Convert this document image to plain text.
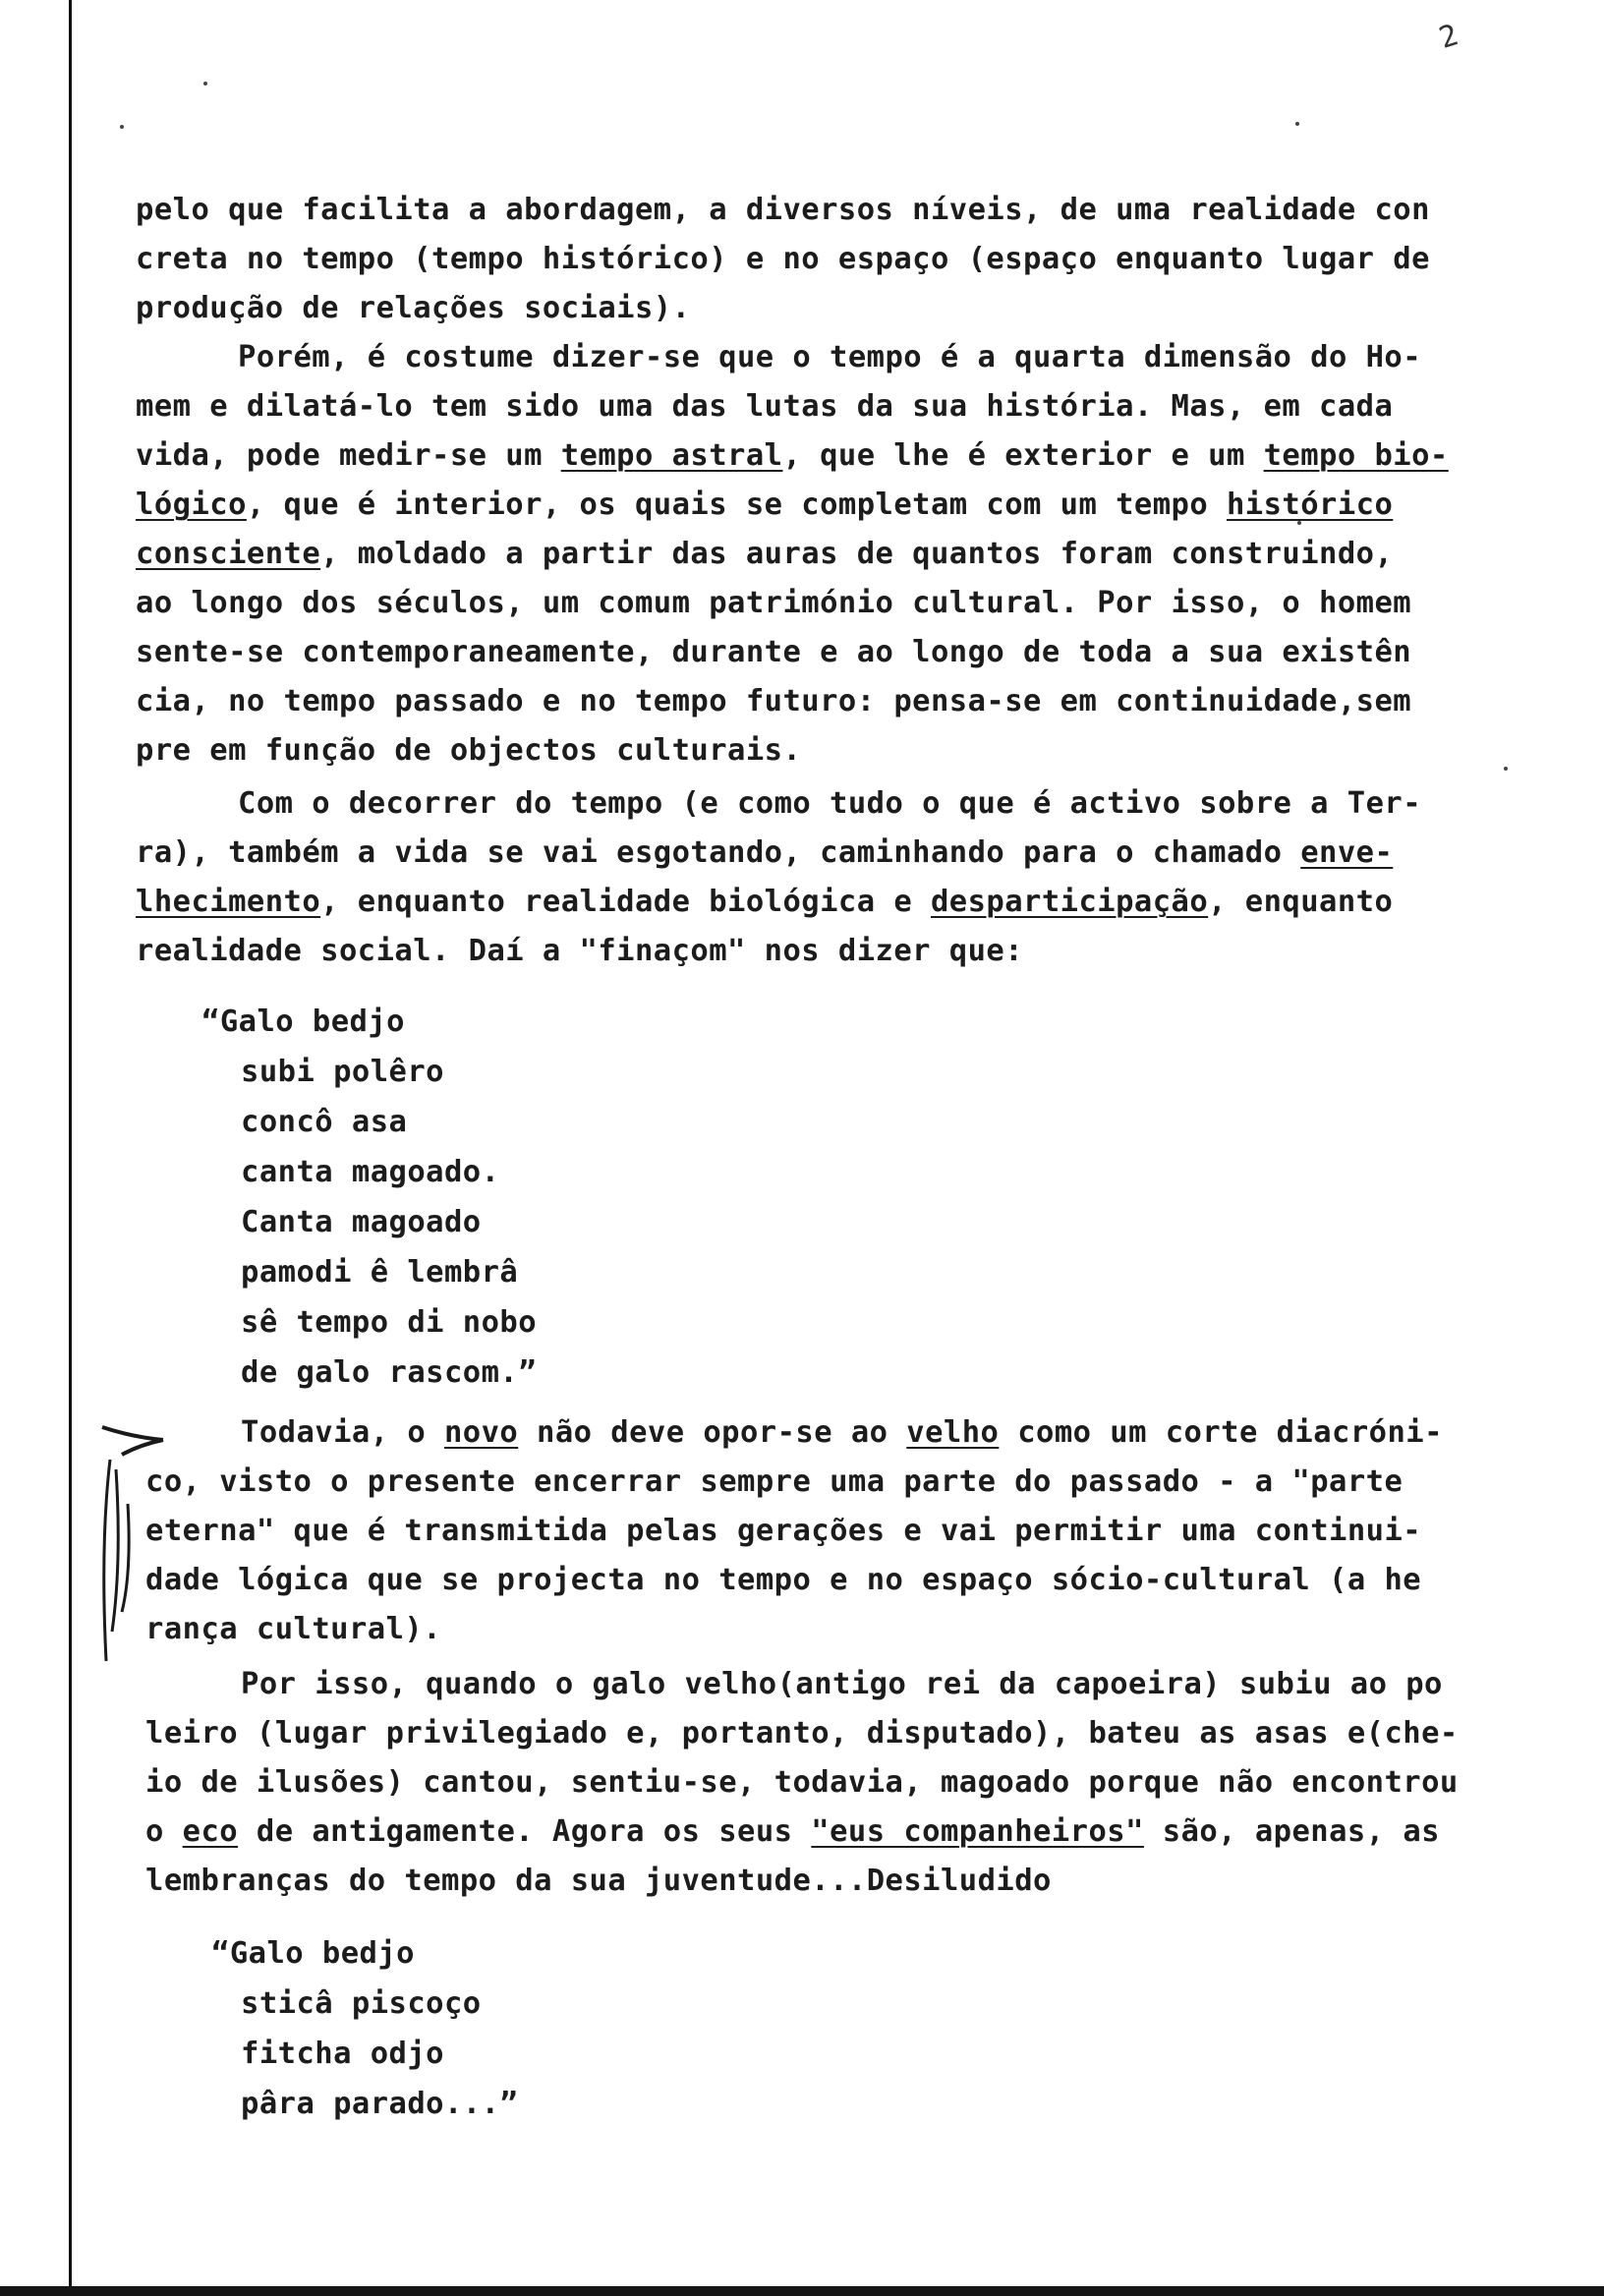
2

pelo que facilita a abordagem, a diversos níveis, de uma realidade con

creta no tempo (tempo histórico) e no espaço (espaço enquanto lugar de

produção de relações sociais).

Porém, é costume dizer-se que o tempo é a quarta dimensão do Ho-

mem e dilatá-lo tem sido uma das lutas da sua história. Mas, em cada

vida, pode medir-se um tempo astral, que lhe é exterior e um tempo bio-

lógico, que é interior, os quais se completam com um tempo histórico

consciente, moldado a partir das auras de quantos foram construindo,

ao longo dos séculos, um comum património cultural. Por isso, o homem

sente-se contemporaneamente, durante e ao longo de toda a sua existên

cia, no tempo passado e no tempo futuro: pensa-se em continuidade,sem

pre em função de objectos culturais.

Com o decorrer do tempo (e como tudo o que é activo sobre a Ter-

ra), também a vida se vai esgotando, caminhando para o chamado enve-

lhecimento, enquanto realidade biológica e desparticipação, enquanto

realidade social. Daí a "finaçom" nos dizer que:

“Galo bedjo

subi polêro

concô asa

canta magoado.

Canta magoado

pamodi ê lembrâ

sê tempo di nobo

de galo rascom.”

Todavia, o novo não deve opor-se ao velho como um corte diacróni-

co, visto o presente encerrar sempre uma parte do passado - a "parte

eterna" que é transmitida pelas gerações e vai permitir uma continui-

dade lógica que se projecta no tempo e no espaço sócio-cultural (a he

rança cultural).

Por isso, quando o galo velho(antigo rei da capoeira) subiu ao po

leiro (lugar privilegiado e, portanto, disputado), bateu as asas e(che-

io de ilusões) cantou, sentiu-se, todavia, magoado porque não encontrou

o eco de antigamente. Agora os seus "eus companheiros" são, apenas, as

lembranças do tempo da sua juventude...Desiludido

“Galo bedjo

sticâ piscoço

fitcha odjo

pâra parado...”
